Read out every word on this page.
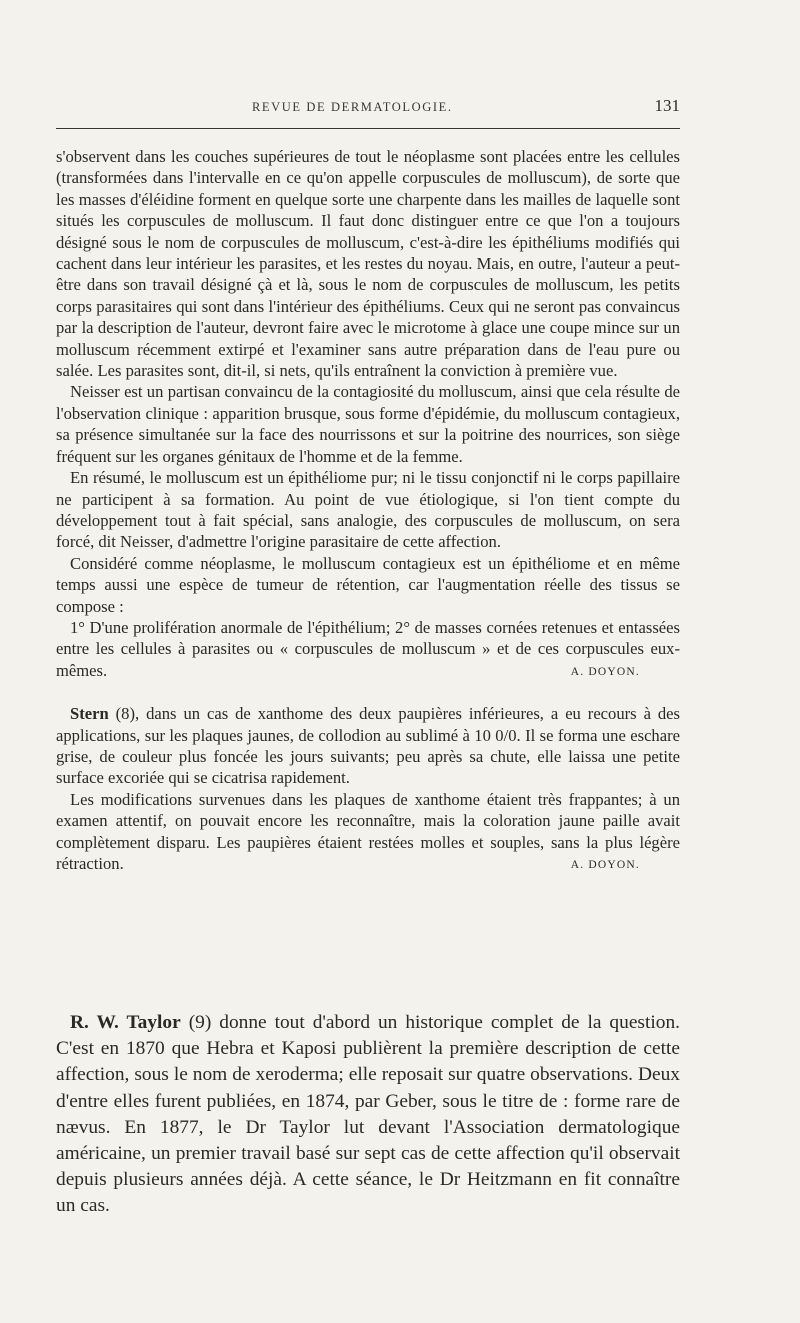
REVUE DE DERMATOLOGIE.	131

s'observent dans les couches supérieures de tout le néoplasme sont placées entre les cellules (transformées dans l'intervalle en ce qu'on appelle corpuscules de molluscum), de sorte que les masses d'éléidine forment en quelque sorte une charpente dans les mailles de laquelle sont situés les corpuscules de molluscum. Il faut donc distinguer entre ce que l'on a toujours désigné sous le nom de corpuscules de molluscum, c'est-à-dire les épithéliums modifiés qui cachent dans leur intérieur les parasites, et les restes du noyau. Mais, en outre, l'auteur a peut-être dans son travail désigné çà et là, sous le nom de corpuscules de molluscum, les petits corps parasitaires qui sont dans l'intérieur des épithéliums. Ceux qui ne seront pas convaincus par la description de l'auteur, devront faire avec le microtome à glace une coupe mince sur un molluscum récemment extirpé et l'examiner sans autre préparation dans de l'eau pure ou salée. Les parasites sont, dit-il, si nets, qu'ils entraînent la conviction à première vue.

Neisser est un partisan convaincu de la contagiosité du molluscum, ainsi que cela résulte de l'observation clinique : apparition brusque, sous forme d'épidémie, du molluscum contagieux, sa présence simultanée sur la face des nourrissons et sur la poitrine des nourrices, son siège fréquent sur les organes génitaux de l'homme et de la femme.

En résumé, le molluscum est un épithéliome pur; ni le tissu conjonctif ni le corps papillaire ne participent à sa formation. Au point de vue étiologique, si l'on tient compte du développement tout à fait spécial, sans analogie, des corpuscules de molluscum, on sera forcé, dit Neisser, d'admettre l'origine parasitaire de cette affection.

Considéré comme néoplasme, le molluscum contagieux est un épithéliome et en même temps aussi une espèce de tumeur de rétention, car l'augmentation réelle des tissus se compose :

1° D'une prolifération anormale de l'épithélium; 2° de masses cornées retenues et entassées entre les cellules à parasites ou « corpuscules de molluscum » et de ces corpuscules eux-mêmes.	A. DOYON.

Stern (8), dans un cas de xanthome des deux paupières inférieures, a eu recours à des applications, sur les plaques jaunes, de collodion au sublimé à 10 0/0. Il se forma une eschare grise, de couleur plus foncée les jours suivants; peu après sa chute, elle laissa une petite surface excoriée qui se cicatrisa rapidement.

Les modifications survenues dans les plaques de xanthome étaient très frappantes; à un examen attentif, on pouvait encore les reconnaître, mais la coloration jaune paille avait complètement disparu. Les paupières étaient restées molles et souples, sans la plus légère rétraction.	A. DOYON.

R. W. Taylor (9) donne tout d'abord un historique complet de la question. C'est en 1870 que Hebra et Kaposi publièrent la première description de cette affection, sous le nom de xeroderma; elle reposait sur quatre observations. Deux d'entre elles furent publiées, en 1874, par Geber, sous le titre de : forme rare de nævus. En 1877, le Dr Taylor lut devant l'Association dermatologique américaine, un premier travail basé sur sept cas de cette affection qu'il observait depuis plusieurs années déjà. A cette séance, le Dr Heitzmann en fit connaître un cas.
